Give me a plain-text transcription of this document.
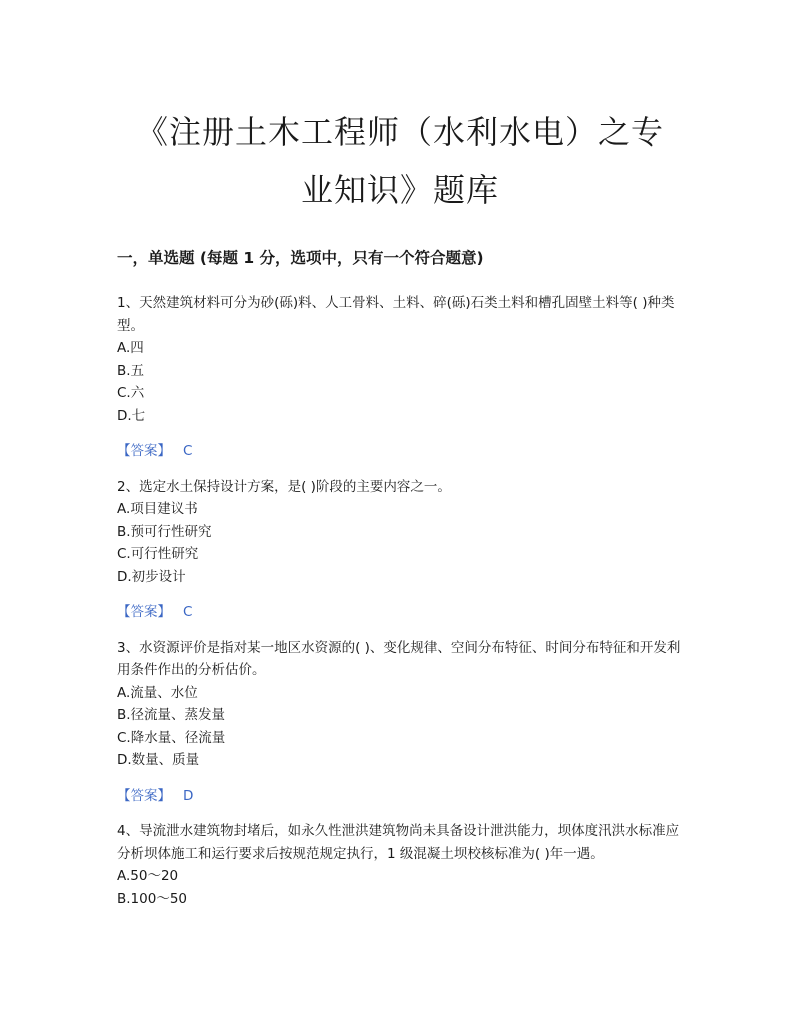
《注册土木工程师（水利水电）之专
业知识》题库
一，单选题 (每题 1 分，选项中，只有一个符合题意)

1、天然建筑材料可分为砂(砾)料、人工骨料、土料、碎(砾)石类土料和槽孔固壁土料等( )种类型。

A.四

B.五

C.六

D.七

【答案】 C

2、选定水土保持设计方案，是( )阶段的主要内容之一。

A.项目建议书

B.预可行性研究

C.可行性研究

D.初步设计

【答案】 C

3、水资源评价是指对某一地区水资源的( )、变化规律、空间分布特征、时间分布特征和开发利用条件作出的分析估价。

A.流量、水位

B.径流量、蒸发量

C.降水量、径流量

D.数量、质量

【答案】 D

4、导流泄水建筑物封堵后，如永久性泄洪建筑物尚未具备设计泄洪能力，坝体度汛洪水标准应分析坝体施工和运行要求后按规范规定执行，1 级混凝土坝校核标准为( )年一遇。

A.50～20

B.100～50
